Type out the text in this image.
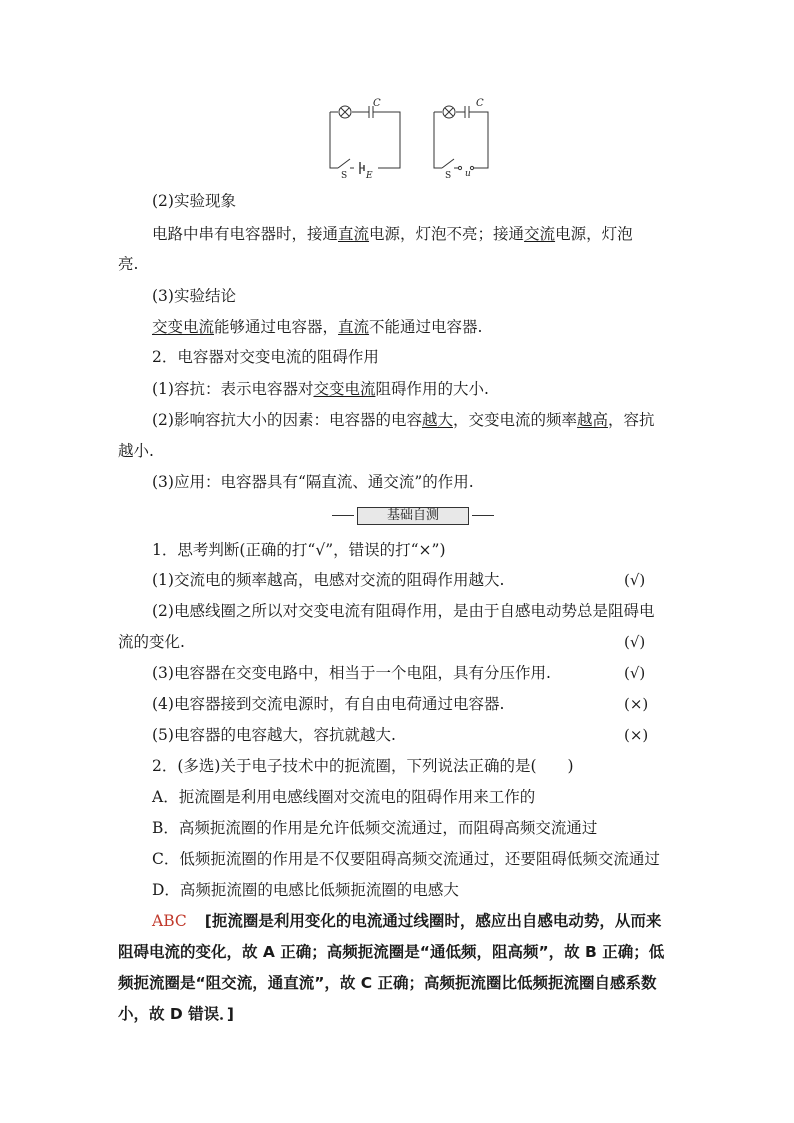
C
S E
C
S u
(2)实验现象
电路中串有电容器时，接通直流电源，灯泡不亮；接通交流电源，灯泡
亮.
(3)实验结论
交变电流能够通过电容器，直流不能通过电容器.
2．电容器对交变电流的阻碍作用
(1)容抗：表示电容器对交变电流阻碍作用的大小.
(2)影响容抗大小的因素：电容器的电容越大，交变电流的频率越高，容抗
越小.
(3)应用：电容器具有“隔直流、通交流”的作用.
基础自测
1．思考判断(正确的打“√”，错误的打“×”)
(1)交流电的频率越高，电感对交流的阻碍作用越大.	(√)
(2)电感线圈之所以对交变电流有阻碍作用，是由于自感电动势总是阻碍电
流的变化.	(√)
(3)电容器在交变电路中，相当于一个电阻，具有分压作用.	(√)
(4)电容器接到交流电源时，有自由电荷通过电容器.	(×)
(5)电容器的电容越大，容抗就越大.	(×)
2．(多选)关于电子技术中的扼流圈，下列说法正确的是(　　)
A．扼流圈是利用电感线圈对交流电的阻碍作用来工作的
B．高频扼流圈的作用是允许低频交流通过，而阻碍高频交流通过
C．低频扼流圈的作用是不仅要阻碍高频交流通过，还要阻碍低频交流通过
D．高频扼流圈的电感比低频扼流圈的电感大
ABC [扼流圈是利用变化的电流通过线圈时，感应出自感电动势，从而来
阻碍电流的变化，故 A 正确；高频扼流圈是“通低频，阻高频”，故 B 正确；低
频扼流圈是“阻交流，通直流”，故 C 正确；高频扼流圈比低频扼流圈自感系数
小，故 D 错误．]
